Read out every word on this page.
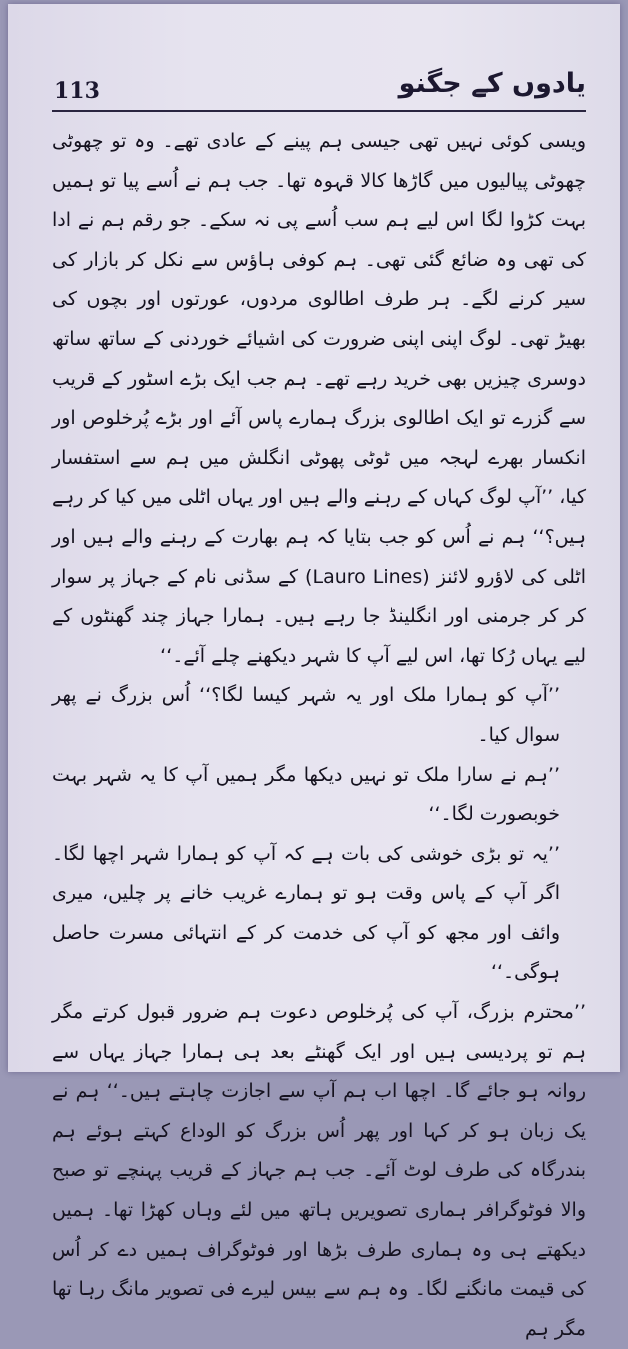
113	یادوں کے جگنو

ویسی کوئی نہیں تھی جیسی ہم پینے کے عادی تھے۔ وہ تو چھوٹی چھوٹی پیالیوں میں گاڑھا کالا قہوہ تھا۔ جب ہم نے اُسے پیا تو ہمیں بہت کڑوا لگا اس لیے ہم سب اُسے پی نہ سکے۔ جو رقم ہم نے ادا کی تھی وہ ضائع گئی تھی۔ ہم کوفی ہاؤس سے نکل کر بازار کی سیر کرنے لگے۔ ہر طرف اطالوی مردوں، عورتوں اور بچوں کی بھیڑ تھی۔ لوگ اپنی اپنی ضرورت کی اشیائے خوردنی کے ساتھ ساتھ دوسری چیزیں بھی خرید رہے تھے۔ ہم جب ایک بڑے اسٹور کے قریب سے گزرے تو ایک اطالوی بزرگ ہمارے پاس آئے اور بڑے پُرخلوص اور انکسار بھرے لہجہ میں ٹوٹی پھوٹی انگلش میں ہم سے استفسار کیا، ’’آپ لوگ کہاں کے رہنے والے ہیں اور یہاں اٹلی میں کیا کر رہے ہیں؟‘‘ ہم نے اُس کو جب بتایا کہ ہم بھارت کے رہنے والے ہیں اور اٹلی کی لاؤرو لائنز (Lauro Lines) کے سڈنی نام کے جہاز پر سوار کر کر جرمنی اور انگلینڈ جا رہے ہیں۔ ہمارا جہاز چند گھنٹوں کے لیے یہاں رُکا تھا، اس لیے آپ کا شہر دیکھنے چلے آئے۔‘‘

’’آپ کو ہمارا ملک اور یہ شہر کیسا لگا؟‘‘ اُس بزرگ نے پھر سوال کیا۔

’’ہم نے سارا ملک تو نہیں دیکھا مگر ہمیں آپ کا یہ شہر بہت خوبصورت لگا۔‘‘

’’یہ تو بڑی خوشی کی بات ہے کہ آپ کو ہمارا شہر اچھا لگا۔ اگر آپ کے پاس وقت ہو تو ہمارے غریب خانے پر چلیں، میری وائف اور مجھ کو آپ کی خدمت کر کے انتہائی مسرت حاصل ہوگی۔‘‘

’’محترم بزرگ، آپ کی پُرخلوص دعوت ہم ضرور قبول کرتے مگر ہم تو پردیسی ہیں اور ایک گھنٹے بعد ہی ہمارا جہاز یہاں سے روانہ ہو جائے گا۔ اچھا اب ہم آپ سے اجازت چاہتے ہیں۔‘‘ ہم نے یک زبان ہو کر کہا اور پھر اُس بزرگ کو الوداع کہتے ہوئے ہم بندرگاہ کی طرف لوٹ آئے۔ جب ہم جہاز کے قریب پہنچے تو صبح والا فوٹوگرافر ہماری تصویریں ہاتھ میں لئے وہاں کھڑا تھا۔ ہمیں دیکھتے ہی وہ ہماری طرف بڑھا اور فوٹوگراف ہمیں دے کر اُس کی قیمت مانگنے لگا۔ وہ ہم سے بیس لیرے فی تصویر مانگ رہا تھا مگر ہم
